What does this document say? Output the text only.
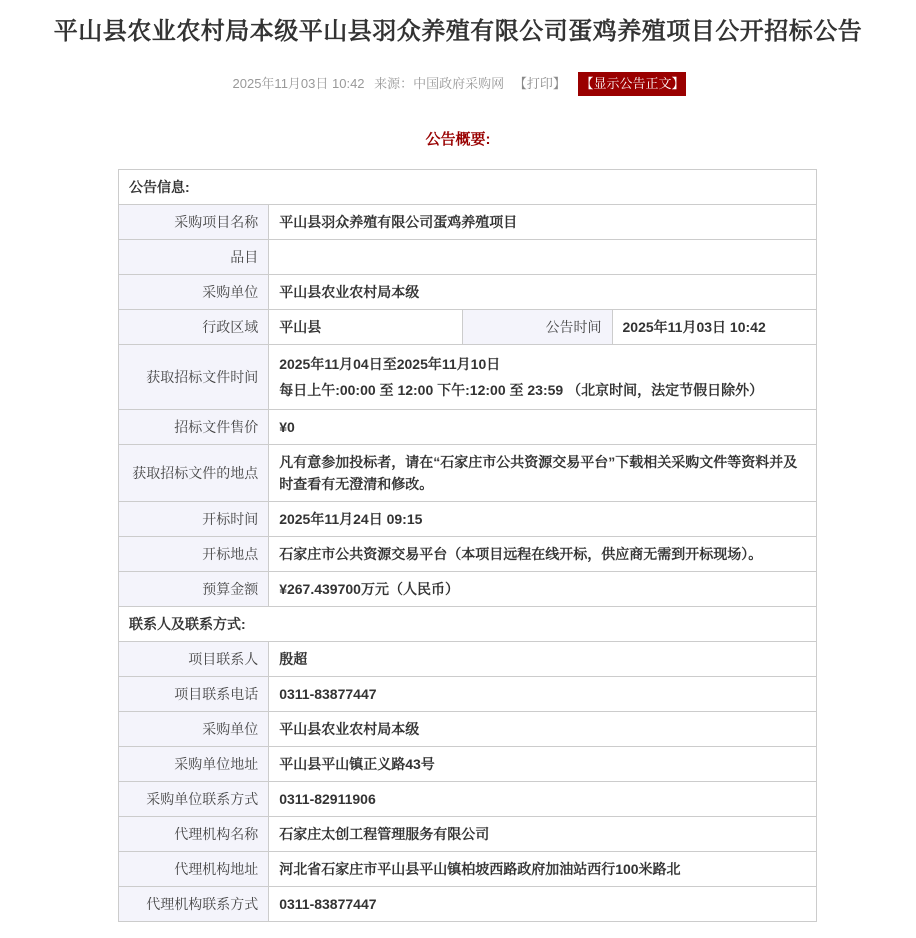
平山县农业农村局本级平山县羽众养殖有限公司蛋鸡养殖项目公开招标公告
2025年11月03日 10:42 来源：中国政府采购网 【打印】 【显示公告正文】
公告概要:
公告信息:			
采购项目名称	平山县羽众养殖有限公司蛋鸡养殖项目		
品目			
采购单位	平山县农业农村局本级		
行政区域	平山县	公告时间	2025年11月03日 10:42
获取招标文件时间	2025年11月04日至2025年11月10日
每日上午:00:00 至 12:00 下午:12:00 至 23:59 （北京时间，法定节假日除外）		

招标文件售价	¥0		
获取招标文件的地点	凡有意参加投标者，请在“石家庄市公共资源交易平台”下载相关采购文件等资料并及时查看有无澄清和修改。		
开标时间	2025年11月24日 09:15		
开标地点	石家庄市公共资源交易平台（本项目远程在线开标，供应商无需到开标现场）。		
预算金额	¥267.439700万元（人民币）		
联系人及联系方式:			
项目联系人	殷超		
项目联系电话	0311-83877447		
采购单位	平山县农业农村局本级		
采购单位地址	平山县平山镇正义路43号		
采购单位联系方式	0311-82911906		
代理机构名称	石家庄太创工程管理服务有限公司		
代理机构地址	河北省石家庄市平山县平山镇柏坡西路政府加油站西行100米路北		
代理机构联系方式	0311-83877447		
